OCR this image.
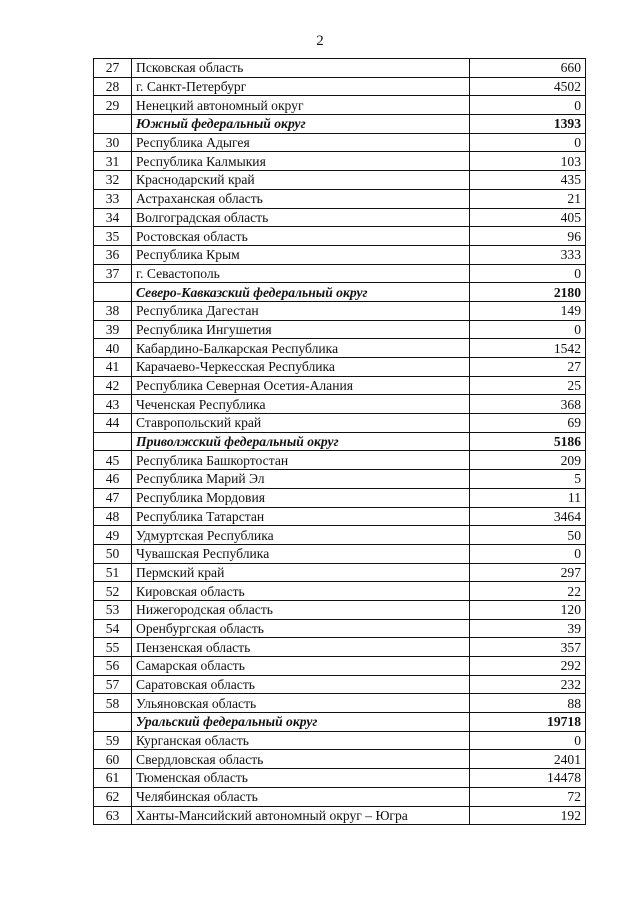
2
27	Псковская область	660
28	г. Санкт-Петербург	4502
29	Ненецкий автономный округ	0
	Южный федеральный округ	1393
30	Республика Адыгея	0
31	Республика Калмыкия	103
32	Краснодарский край	435
33	Астраханская область	21
34	Волгоградская область	405
35	Ростовская область	96
36	Республика Крым	333
37	г. Севастополь	0
	Северо-Кавказский федеральный округ	2180
38	Республика Дагестан	149
39	Республика Ингушетия	0
40	Кабардино-Балкарская Республика	1542
41	Карачаево-Черкесская Республика	27
42	Республика Северная Осетия-Алания	25
43	Чеченская Республика	368
44	Ставропольский край	69
	Приволжский федеральный округ	5186
45	Республика Башкортостан	209
46	Республика Марий Эл	5
47	Республика Мордовия	11
48	Республика Татарстан	3464
49	Удмуртская Республика	50
50	Чувашская Республика	0
51	Пермский край	297
52	Кировская область	22
53	Нижегородская область	120
54	Оренбургская область	39
55	Пензенская область	357
56	Самарская область	292
57	Саратовская область	232
58	Ульяновская область	88
	Уральский федеральный округ	19718
59	Курганская область	0
60	Свердловская область	2401
61	Тюменская область	14478
62	Челябинская область	72
63	Ханты-Мансийский автономный округ – Югра	192
